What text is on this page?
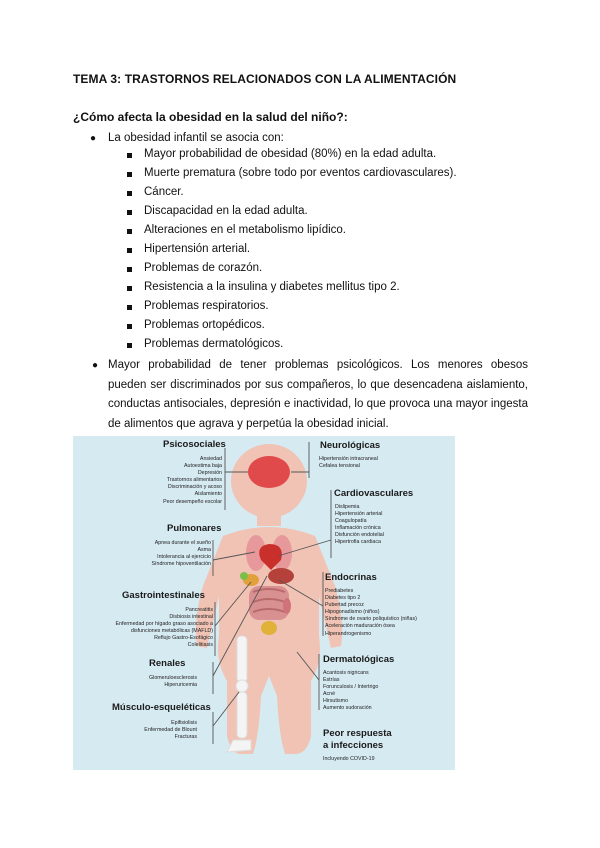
TEMA 3: TRASTORNOS RELACIONADOS CON LA ALIMENTACIÓN
¿Cómo afecta la obesidad en la salud del niño?:
●	La obesidad infantil se asocia con:
Mayor probabilidad de obesidad (80%) en la edad adulta.
Muerte prematura (sobre todo por eventos cardiovasculares).
Cáncer.
Discapacidad en la edad adulta.
Alteraciones en el metabolismo lipídico.
Hipertensión arterial.
Problemas de corazón.
Resistencia a la insulina y diabetes mellitus tipo 2.
Problemas respiratorios.
Problemas ortopédicos.
Problemas dermatológicos.
● Mayor probabilidad de tener problemas psicológicos. Los menores obesos pueden ser discriminados por sus compañeros, lo que desencadena aislamiento, conductas antisociales, depresión e inactividad, lo que provoca una mayor ingesta de alimentos que agrava y perpetúa la obesidad inicial.
Psicosociales
Ansiedad
Autoestima baja
Depresión
Trastornos alimentarios
Discriminación y acoso
Aislamiento
Peor desempeño escolar
Pulmonares
Apnea durante el sueño
Asma
Intolerancia al ejercicio
Síndrome hipoventilación
Gastrointestinales
Pancreatitis
Disbiosis intestinal
Enfermedad por hígado graso asociado a
disfunciones metabólicas (MAFLD)
Reflujo Gastro-Esofágico
Colelitiasis
Renales
Glomeruloesclerosis
Hiperuricemia
Músculo-esqueléticas
Epifisiolisis
Enfermedad de Blount
Fracturas
Neurológicas
Hipertensión intracraneal
Cefalea tensional
Cardiovasculares
Dislipemia
Hipertensión arterial
Coagulopatía
Inflamación crónica
Disfunción endotelial
Hipertrofia cardiaca
Endocrinas
Prediabetes
Diabetes tipo 2
Pubertad precoz
Hipogonadismo (niños)
Síndrome de ovario poliquístico (niñas)
Aceleración maduración ósea
Hiperandrogenismo
Dermatológicas
Acantosis nigricans
Estrías
Forunculosis / Intertrigo
Acné
Hirsutismo
Aumento sudoración
Peor respuesta
a infecciones
Incluyendo COVID-19
